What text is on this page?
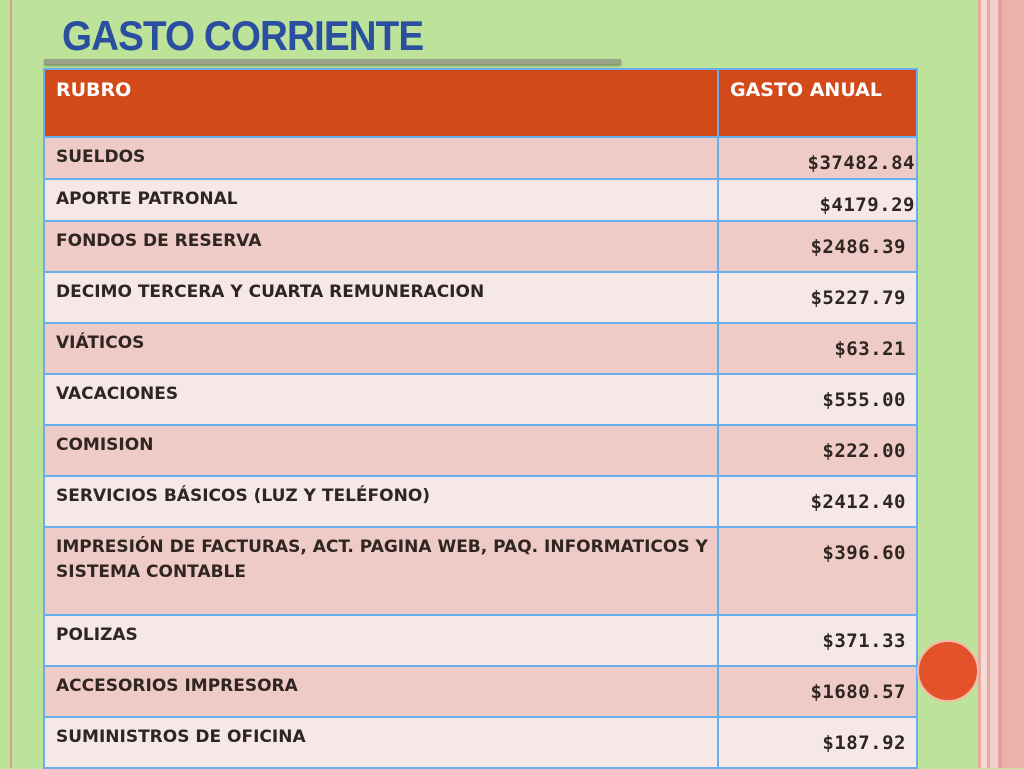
GASTO CORRIENTE
RUBRO	GASTO ANUAL

SUELDOS	$37482.84
APORTE PATRONAL	$4179.29
FONDOS DE RESERVA	$2486.39
DECIMO TERCERA Y CUARTA REMUNERACION	$5227.79
VIÁTICOS	$63.21
VACACIONES	$555.00
COMISION	$222.00
SERVICIOS BÁSICOS (LUZ Y TELÉFONO)	$2412.40
IMPRESIÓN DE FACTURAS, ACT. PAGINA WEB, PAQ. INFORMATICOS Y SISTEMA CONTABLE	$396.60
POLIZAS	$371.33
ACCESORIOS IMPRESORA	$1680.57
SUMINISTROS DE OFICINA	$187.92
